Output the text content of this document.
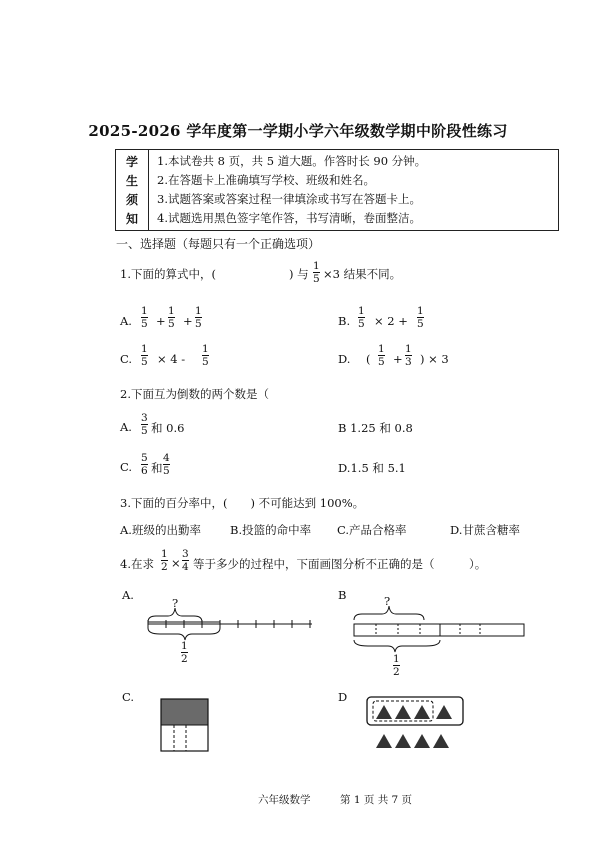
2025-2026 学年度第一学期小学六年级数学期中阶段性练习
学
生
须
知
1.本试卷共 8 页，共 5 道大题。作答时长 90 分钟。
2.在答题卡上准确填写学校、班级和姓名。
3.试题答案或答案过程一律填涂或书写在答题卡上。
4.试题选用黑色签字笔作答，书写清晰，卷面整洁。
一、选择题（每题只有一个正确选项）
1.下面的算式中，(	) 与
1
5 ×3 结果不同。
A.
1
5 +
1
5 +
1
5	B.
1
5 × 2 +
1
5
C.
1
5 × 4 -
1
5	D. (
1
5 +
1
3 ) × 3
2.下面互为倒数的两个数是（
A.
3
5 和 0.6	B 1.25 和 0.8
C.
5
6 和
4
5	D.1.5 和 5.1
3.下面的百分率中，(　　) 不可能达到 100%。
A.班级的出勤率	B.投篮的命中率 C.产品合格率	D.甘蔗含糖率
4.在求
1
2 ×
3
4 等于多少的过程中，下面画图分析不正确的是（　　　）。
A.	B
C.	D
?
1
2
?
1
2
六年级数学	第 1 页 共 7 页
